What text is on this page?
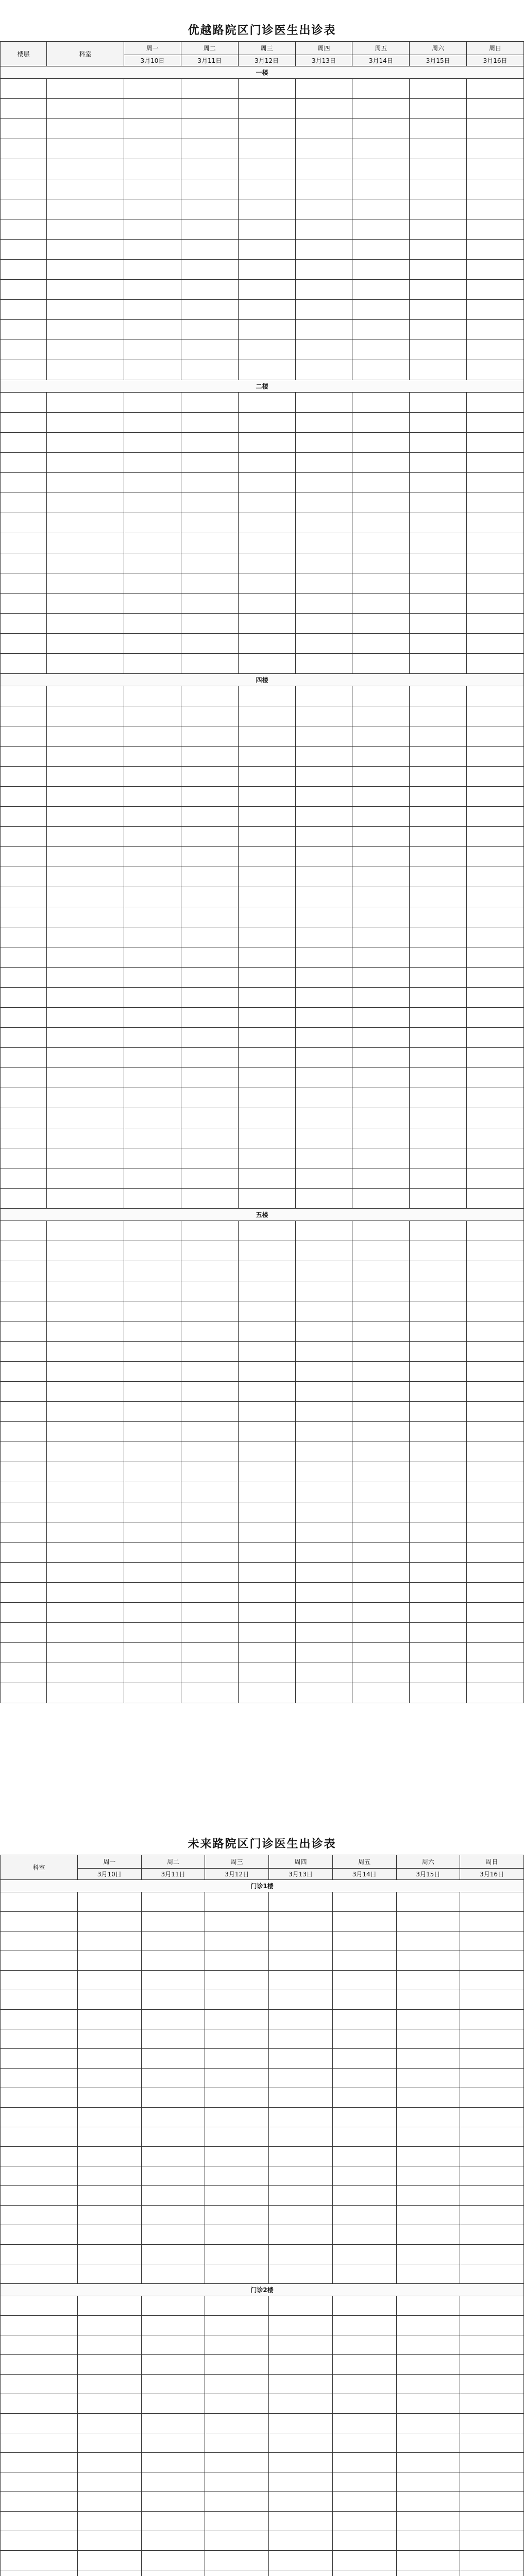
优越路院区门诊医生出诊表
楼层	科室	周一	周二	周三	周四	周五	周六	周日
		3月10日	3月11日	3月12日	3月13日	3月14日	3月15日	3月16日
一楼								

二楼								

四楼								

五楼								

未来路院区门诊医生出诊表
科室	周一	周二	周三	周四	周五	周六	周日
	3月10日	3月11日	3月12日	3月13日	3月14日	3月15日	3月16日
门诊1楼							

门诊2楼							
